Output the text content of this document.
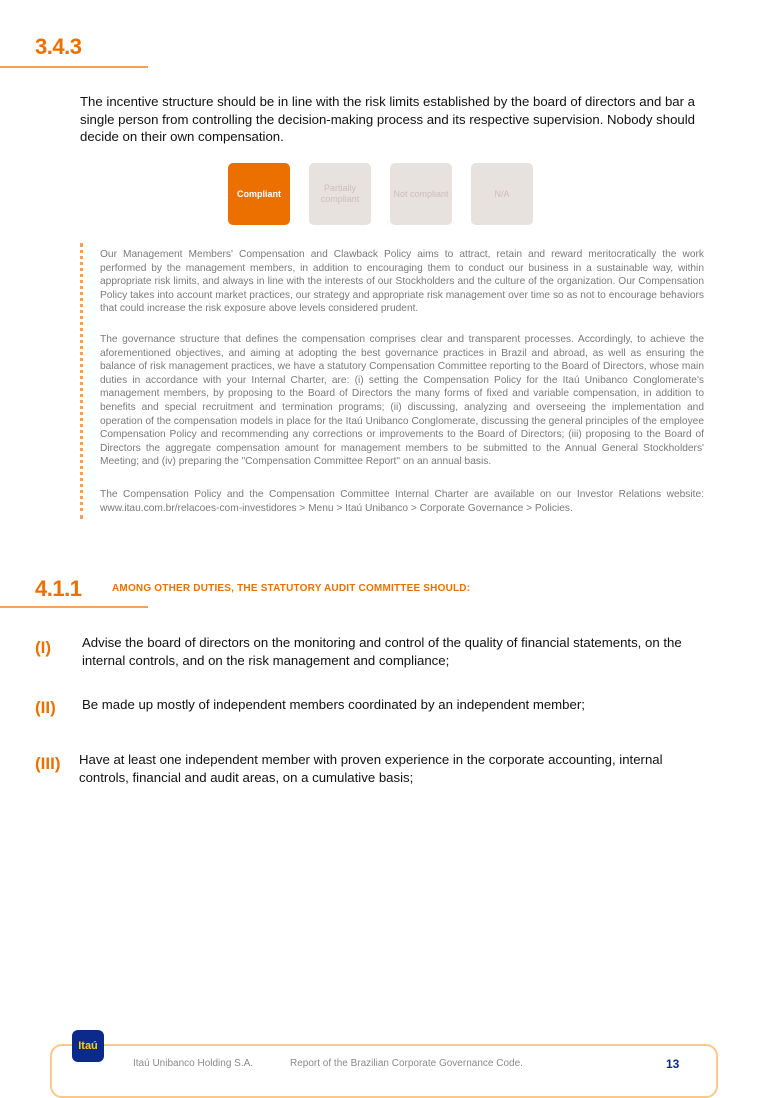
3.4.3
The incentive structure should be in line with the risk limits established by the board of directors and bar a single person from controlling the decision-making process and its respective supervision. Nobody should decide on their own compensation.
Compliant
Partially compliant
Not compliant	N/A
Our Management Members' Compensation and Clawback Policy aims to attract, retain and reward meritocratically the work performed by the management members, in addition to encouraging them to conduct our business in a sustainable way, within appropriate risk limits, and always in line with the interests of our Stockholders and the culture of the organization. Our Compensation Policy takes into account market practices, our strategy and appropriate risk management over time so as not to encourage behaviors that could increase the risk exposure above levels considered prudent.
The governance structure that defines the compensation comprises clear and transparent processes. Accordingly, to achieve the aforementioned objectives, and aiming at adopting the best governance practices in Brazil and abroad, as well as ensuring the balance of risk management practices, we have a statutory Compensation Committee reporting to the Board of Directors, whose main duties in accordance with your Internal Charter, are: (i) setting the Compensation Policy for the Itaú Unibanco Conglomerate's management members, by proposing to the Board of Directors the many forms of fixed and variable compensation, in addition to benefits and special recruitment and termination programs; (ii) discussing, analyzing and overseeing the implementation and operation of the compensation models in place for the Itaú Unibanco Conglomerate, discussing the general principles of the employee Compensation Policy and recommending any corrections or improvements to the Board of Directors; (iii) proposing to the Board of Directors the aggregate compensation amount for management members to be submitted to the Annual General Stockholders' Meeting; and (iv) preparing the "Compensation Committee Report" on an annual basis.
The Compensation Policy and the Compensation Committee Internal Charter are available on our Investor Relations website: www.itau.com.br/relacoes-com-investidores > Menu > Itaú Unibanco > Corporate Governance > Policies.
4.1.1	AMONG OTHER DUTIES, THE STATUTORY AUDIT COMMITTEE SHOULD:
(I) Advise the board of directors on the monitoring and control of the quality of financial statements, on the internal controls, and on the risk management and compliance;
(II) Be made up mostly of independent members coordinated by an independent member;
(III) Have at least one independent member with proven experience in the corporate accounting, internal controls, financial and audit areas, on a cumulative basis;
Itaú
Itaú Unibanco Holding S.A.	Report of the Brazilian Corporate Governance Code.	13
